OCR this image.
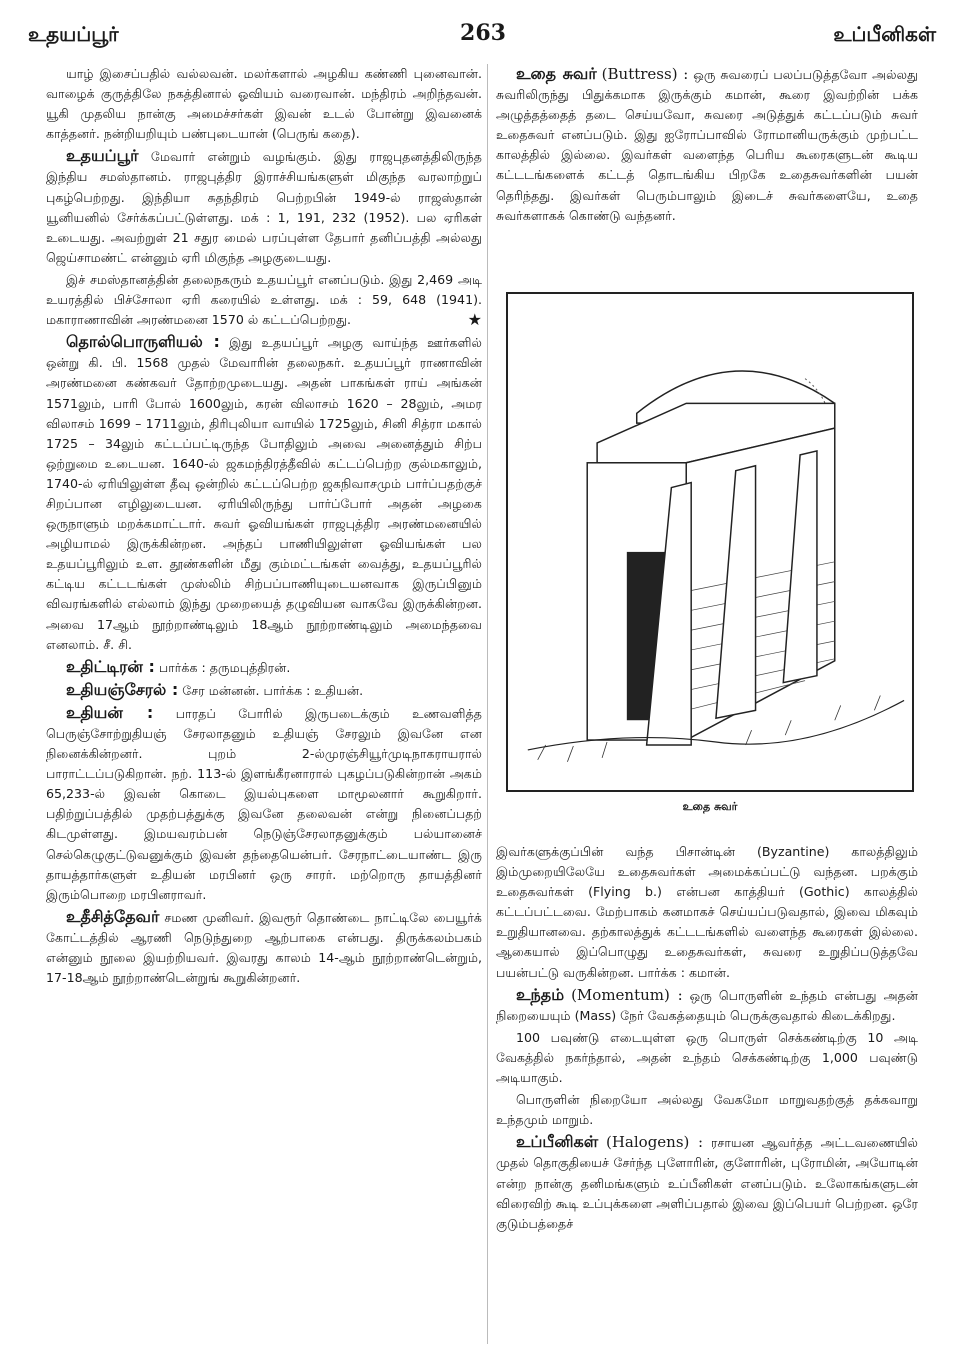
உதயப்பூர்	263	உப்பீனிகள்

யாழ் இசைப்பதில் வல்லவன். மலர்களால் அழகிய கண்ணி புனைவான். வாழைக் குருத்திலே நகத்தினால் ஓவியம் வரைவான். மந்திரம் அறிந்தவன். யூகி முதலிய நான்கு அமைச்சர்கள் இவன் உடல் போன்று இவனைக் காத்தனர். நன்றியறியும் பண்புடையான் (பெருங் கதை).

உதயப்பூர் மேவார் என்றும் வழங்கும். இது ராஜபுதனத்திலிருந்த இந்திய சமஸ்தானம். ராஜபுத்திர இராச்சியங்களுள் மிகுந்த வரலாற்றுப் புகழ்பெற்றது. இந்தியா சுதந்திரம் பெற்றபின் 1949-ல் ராஜஸ்தான் யூனியனில் சேர்க்கப்பட்டுள்ளது. மக் : 1, 191, 232 (1952). பல ஏரிகள் உடையது. அவற்றுள் 21 சதுர மைல் பரப்புள்ள தேபார் தனிப்பத்தி அல்லது ஜெய்சாமண்ட் என்னும் ஏரி மிகுந்த அழகுடையது.

இச் சமஸ்தானத்தின் தலைநகரும் உதயப்பூர் எனப்படும். இது 2,469 அடி உயரத்தில் பிச்சோலா ஏரி கரையில் உள்ளது. மக் : 59, 648 (1941). மகாராணாவின் அரண்மனை 1570 ல் கட்டப்பெற்றது.	★

தொல்பொருளியல் : இது உதயப்பூர் அழகு வாய்ந்த ஊர்களில் ஒன்று கி. பி. 1568 முதல் மேவாரின் தலைநகர். உதயப்பூர் ராணாவின் அரண்மனை கண்கவர் தோற்றமுடையது. அதன் பாகங்கள் ராய் அங்கன் 1571லும், பாரி போல் 1600லும், கரன் விலாசம் 1620 – 28லும், அமர விலாசம் 1699 – 1711லும், திரிபுலியா வாயில் 1725லும், சினி சித்ரா மகால் 1725 – 34லும் கட்டப்பட்டிருந்த போதிலும் அவை அனைத்தும் சிற்ப ஒற்றுமை உடையன. 1640-ல் ஜகமந்திரத்தீவில் கட்டப்பெற்ற குல்மகாலும், 1740-ல் ஏரியிலுள்ள தீவு ஒன்றில் கட்டப்பெற்ற ஜகநிவாசமும் பார்ப்பதற்குச் சிறப்பான எழிலுடையன. ஏரியிலிருந்து பார்ப்போர் அதன் அழகை ஒருநாளும் மறக்கமாட்டார். சுவர் ஓவியங்கள் ராஜபுத்திர அரண்மனையில் அழியாமல் இருக்கின்றன. அந்தப் பாணியிலுள்ள ஓவியங்கள் பல உதயப்பூரிலும் உள. தூண்களின் மீது கும்மட்டங்கள் வைத்து, உதயப்பூரில் கட்டிய கட்டடங்கள் முஸ்லிம் சிற்பப்பாணியுடையனவாக இருப்பினும் விவரங்களில் எல்லாம் இந்து முறையைத் தழுவியன வாகவே இருக்கின்றன. அவை 17ஆம் நூற்றாண்டிலும் 18ஆம் நூற்றாண்டிலும் அமைந்தவை எனலாம். சீ. சி.

உதிட்டிரன் : பார்க்க : தருமபுத்திரன்.

உதியஞ்சேரல் : சேர மன்னன். பார்க்க : உதியன்.

உதியன் : பாரதப் போரில் இருபடைக்கும் உணவளித்த பெருஞ்சோற்றுதியஞ் சேரலாதனும் உதியஞ் சேரலும் இவனே என நினைக்கின்றனர். புறம் 2-ல்முரஞ்சியூர்முடிநாகராயரால் பாராட்டப்படுகிறான். நற். 113-ல் இளங்கீரனாரால் புகழப்படுகின்றான் அகம் 65,233-ல் இவன் கொடை இயல்புகளை மாமூலனார் கூறுகிறார். பதிற்றுப்பத்தில் முதற்பத்துக்கு இவனே தலைவன் என்று நினைப்பதற் கிடமுள்ளது. இமயவரம்பன் நெடுஞ்சேரலாதனுக்கும் பல்யானைச் செல்கெழுகுட்டுவனுக்கும் இவன் தந்தையென்பர். சேரநாட்டையாண்ட இரு தாயத்தார்களுள் உதியன் மரபினர் ஒரு சாரர். மற்றொரு தாயத்தினர் இரும்பொறை மரபினராவர்.

உதீசித்தேவர் சமண முனிவர். இவரூர் தொண்டை நாட்டிலே பையூர்க் கோட்டத்தில் ஆரணி நெடுந்துறை ஆற்பாகை என்பது. திருக்கலம்பகம் என்னும் நூலை இயற்றியவர். இவரது காலம் 14-ஆம் நூற்றாண்டென்றும், 17-18ஆம் நூற்றாண்டென்றுங் கூறுகின்றனர்.

உதை சுவர் (Buttress) : ஒரு சுவரைப் பலப்படுத்தவோ அல்லது சுவரிலிருந்து பிதுக்கமாக இருக்கும் கமான், கூரை இவற்றின் பக்க அழுத்தத்தைத் தடை செய்யவோ, சுவரை அடுத்துக் கட்டப்படும் சுவர் உதைசுவர் எனப்படும். இது ஐரோப்பாவில் ரோமானியருக்கும் முற்பட்ட காலத்தில் இல்லை. இவர்கள் வளைந்த பெரிய கூரைகளுடன் கூடிய கட்டடங்களைக் கட்டத் தொடங்கிய பிறகே உதைசுவர்களின் பயன் தெரிந்தது. இவர்கள் பெரும்பாலும் இடைச் சுவர்களையே, உதை சுவர்களாகக் கொண்டு வந்தனர்.

உதை சுவர்

இவர்களுக்குப்பின் வந்த பிசான்டின் (Byzantine) காலத்திலும் இம்முறையிலேயே உதைசுவர்கள் அமைக்கப்பட்டு வந்தன. பறக்கும் உதைசுவர்கள் (Flying b.) என்பன காத்தியர் (Gothic) காலத்தில் கட்டப்பட்டவை. மேற்பாகம் கனமாகச் செய்யப்படுவதால், இவை மிகவும் உறுதியானவை. தற்காலத்துக் கட்டடங்களில் வளைந்த கூரைகள் இல்லை. ஆகையால் இப்பொழுது உதைசுவர்கள், சுவரை உறுதிப்படுத்தவே பயன்பட்டு வருகின்றன. பார்க்க : கமான்.

உந்தம் (Momentum) : ஒரு பொருளின் உந்தம் என்பது அதன் நிறையையும் (Mass) நேர் வேகத்தையும் பெருக்குவதால் கிடைக்கிறது.

100 பவுண்டு எடையுள்ள ஒரு பொருள் செக்கண்டிற்கு 10 அடி வேகத்தில் நகர்ந்தால், அதன் உந்தம் செக்கண்டிற்கு 1,000 பவுண்டு அடியாகும்.

பொருளின் நிறையோ அல்லது வேகமோ மாறுவதற்குத் தக்கவாறு உந்தமும் மாறும்.

உப்பீனிகள் (Halogens) : ரசாயன ஆவர்த்த அட்டவணையில் முதல் தொகுதியைச் சேர்ந்த புளோரின், குளோரின், புரோமின், அயோடின் என்ற நான்கு தனிமங்களும் உப்பீனிகள் எனப்படும். உலோகங்களுடன் விரைவிற் கூடி உப்புக்களை அளிப்பதால் இவை இப்பெயர் பெற்றன. ஒரே குடும்பத்தைச்
